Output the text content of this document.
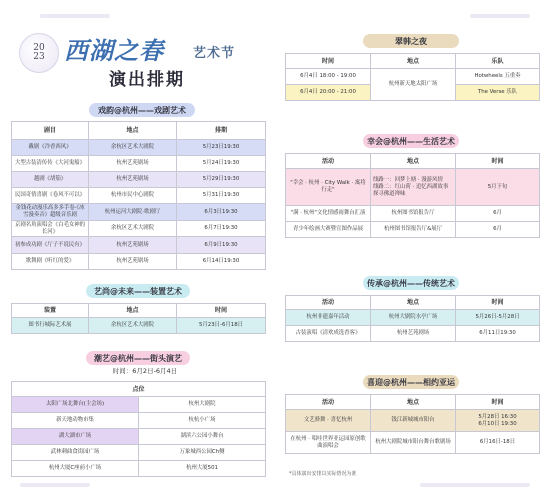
20
23 西湖之春 艺术节
演出排期
戏韵@杭州——戏剧艺术
剧目	地点	排期
戴剧《冷香西风》	余杭区艺术大剧院	5月23日19:30
大型古装清传传《大河鬼船》	杭州艺苑剧场	5月24日19:30
越剧《胡笳》	杭州艺苑剧场	5月29日19:30
民国奇情喜剧《卷风不可以》	杭州市民中心剧院	5月31日19:30
金钱花动漫乐高多多手卷·《冰雪漫奏音》超级音乐剧	杭州运河大剧院·歌剧厅	6月3日19:30
京剧名角演唱会《白毛女神的长河》	余杭区艺术大剧院	6月7日19:30
初参成功剧《厅子不说民有》	杭州艺苑剧场	6月9日19:30
歌舞剧《听红的爱》	杭州艺苑剧场	6月14日19:30
艺尚@未来——装置艺术
装置	地点	时间
图书行城际艺术展	余杭区艺术大剧院	5月23日-6月18日
潮艺@杭州——街头演艺
时间：6月2日-6月4日
点位	
太阳广场北舞台(主会场)	杭州大剧院
新天地动物市集	杭杭小广场
湖大湖市广场	湖滨六公园小舞台
武林刺曲食街园广场	万象城西公园Ch侧
杭州大厦C座前小广场	杭州大厦501
翠韩之夜
时间	地点	乐队
6月4日 18:00 - 19:00	杭州新天地太阳广场	Hotwheels 五重奏
6月4日 20:00 - 21:00		The Verse 乐队
幸会@杭州——生活艺术
活动	地点	时间
"幸会 · 杭州 · City Walk · 寓将行走"	线路一：回梦上塘 · 漫游风情
线路二：红山荷 · 追忆西湖故事
探寻佛道禅味	5月下旬
"满 · 杭州"文化情感雨舞台汇演	杭州图书馆报告厅	6月
青少年绘画大赛暨宣图作品展	杭州图书馆报告厅&展厅	6月
传承@杭州——传统艺术
活动	地点	时间
杭州非遗嘉年活动	杭州大剧院水亭广场	5月26日-5月28日
古装演唱《清欢成选香客》	杭州艺苑剧场	6月11日19:30
喜迎@杭州——相约亚运
活动	地点	时间
文艺驿舞 · 喜忆杭州	钱江新城城市阳台	5月28日 16:30
6月10日 19:30
在杭州 · 唱哇世界亚运园原创歌曲演唱会	杭州大剧院城市阳台舞台歌剧场	6月16日-18日
*具体演出安排以实际情况为准
